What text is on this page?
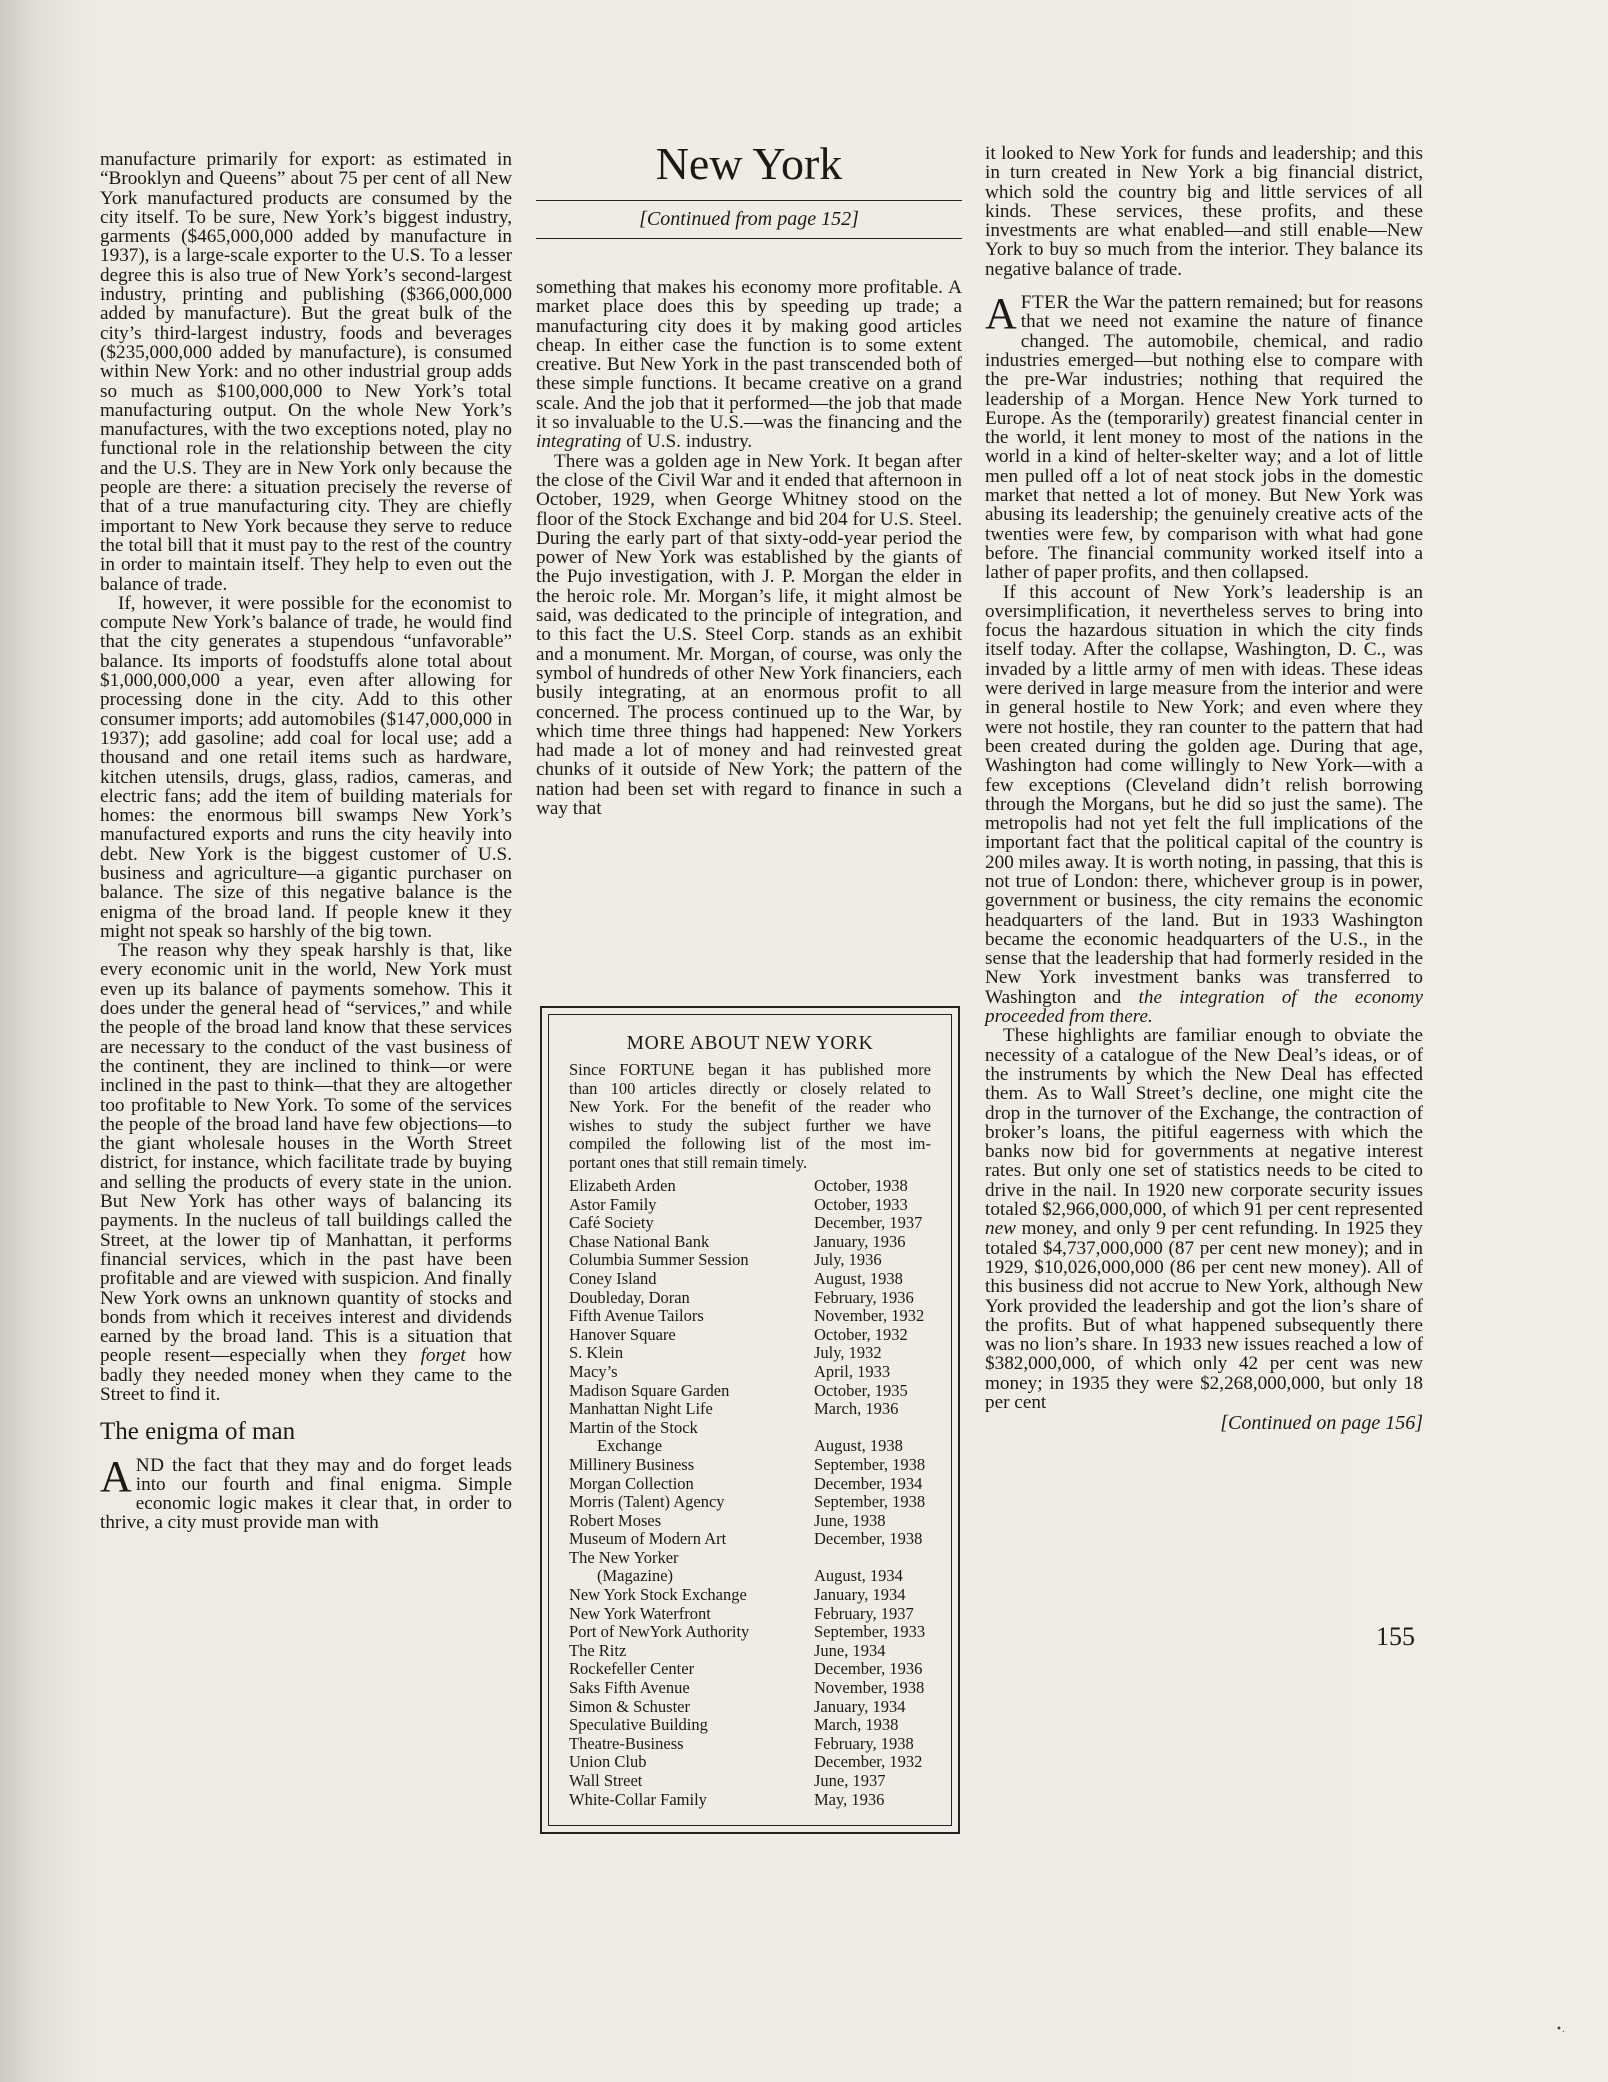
manufacture primarily for export: as estimated in “Brooklyn and Queens” about 75 per cent of all New York manufactured products are consumed by the city itself. To be sure, New York’s biggest industry, garments ($465,000,000 added by manufacture in 1937), is a large-scale exporter to the U.S. To a lesser degree this is also true of New York’s second-largest industry, printing and publishing ($366,000,000 added by manufacture). But the great bulk of the city’s third-largest industry, foods and beverages ($235,000,000 added by manufacture), is consumed within New York: and no other industrial group adds so much as $100,000,000 to New York’s total manufacturing output. On the whole New York’s manufactures, with the two exceptions noted, play no functional role in the relationship between the city and the U.S. They are in New York only because the people are there: a situation precisely the reverse of that of a true manufacturing city. They are chiefly important to New York because they serve to reduce the total bill that it must pay to the rest of the country in order to maintain itself. They help to even out the balance of trade.

If, however, it were possible for the economist to compute New York’s balance of trade, he would find that the city generates a stupendous “unfavorable” balance. Its imports of foodstuffs alone total about $1,000,000,000 a year, even after allowing for processing done in the city. Add to this other consumer imports; add automobiles ($147,000,000 in 1937); add gasoline; add coal for local use; add a thousand and one retail items such as hardware, kitchen utensils, drugs, glass, radios, cameras, and electric fans; add the item of building materials for homes: the enormous bill swamps New York’s manufactured exports and runs the city heavily into debt. New York is the biggest customer of U.S. business and agriculture—a gigantic purchaser on balance. The size of this negative balance is the enigma of the broad land. If people knew it they might not speak so harshly of the big town.

The reason why they speak harshly is that, like every economic unit in the world, New York must even up its balance of payments somehow. This it does under the general head of “services,” and while the people of the broad land know that these services are necessary to the conduct of the vast business of the continent, they are inclined to think—or were inclined in the past to think—that they are altogether too profitable to New York. To some of the services the people of the broad land have few objections—to the giant wholesale houses in the Worth Street district, for instance, which facilitate trade by buying and selling the products of every state in the union. But New York has other ways of balancing its payments. In the nucleus of tall buildings called the Street, at the lower tip of Manhattan, it performs financial services, which in the past have been profitable and are viewed with suspicion. And finally New York owns an unknown quantity of stocks and bonds from which it receives interest and dividends earned by the broad land. This is a situation that people resent—especially when they forget how badly they needed money when they came to the Street to find it.

The enigma of man

AND the fact that they may and do forget leads into our fourth and final enigma. Simple economic logic makes it clear that, in order to thrive, a city must provide man with

New York
[Continued from page 152]

something that makes his economy more profitable. A market place does this by speeding up trade; a manufacturing city does it by making good articles cheap. In either case the function is to some extent creative. But New York in the past transcended both of these simple functions. It became creative on a grand scale. And the job that it performed—the job that made it so invaluable to the U.S.—was the financing and the integrating of U.S. industry.

There was a golden age in New York. It began after the close of the Civil War and it ended that afternoon in October, 1929, when George Whitney stood on the floor of the Stock Exchange and bid 204 for U.S. Steel. During the early part of that sixty-odd-year period the power of New York was established by the giants of the Pujo investigation, with J. P. Morgan the elder in the heroic role. Mr. Morgan’s life, it might almost be said, was dedicated to the principle of integration, and to this fact the U.S. Steel Corp. stands as an exhibit and a monument. Mr. Morgan, of course, was only the symbol of hundreds of other New York financiers, each busily integrating, at an enormous profit to all concerned. The process continued up to the War, by which time three things had happened: New Yorkers had made a lot of money and had reinvested great chunks of it outside of New York; the pattern of the nation had been set with regard to finance in such a way that

MORE ABOUT NEW YORK
Since FORTUNE began it has published more
than 100 articles directly or closely related to
New York. For the benefit of the reader who
wishes to study the subject further we have
compiled the following list of the most im-
portant ones that still remain timely.
Elizabeth Arden	October, 1938
Astor Family	October, 1933
Café Society	December, 1937
Chase National Bank	January, 1936
Columbia Summer Session	July, 1936
Coney Island	August, 1938
Doubleday, Doran	February, 1936
Fifth Avenue Tailors	November, 1932
Hanover Square	October, 1932
S. Klein	July, 1932
Macy’s	April, 1933
Madison Square Garden	October, 1935
Manhattan Night Life	March, 1936
Martin of the Stock
Exchange	August, 1938
Millinery Business	September, 1938
Morgan Collection	December, 1934
Morris (Talent) Agency	September, 1938
Robert Moses	June, 1938
Museum of Modern Art	December, 1938
The New Yorker
(Magazine)	August, 1934
New York Stock Exchange	January, 1934
New York Waterfront	February, 1937
Port of NewYork Authority	September, 1933
The Ritz	June, 1934
Rockefeller Center	December, 1936
Saks Fifth Avenue	November, 1938
Simon & Schuster	January, 1934
Speculative Building	March, 1938
Theatre-Business	February, 1938
Union Club	December, 1932
Wall Street	June, 1937
White-Collar Family	May, 1936

it looked to New York for funds and leadership; and this in turn created in New York a big financial district, which sold the country big and little services of all kinds. These services, these profits, and these investments are what enabled—and still enable—New York to buy so much from the interior. They balance its negative balance of trade.

AFTER the War the pattern remained; but for reasons that we need not examine the nature of finance changed. The automobile, chemical, and radio industries emerged—but nothing else to compare with the pre-War industries; nothing that required the leadership of a Morgan. Hence New York turned to Europe. As the (temporarily) greatest financial center in the world, it lent money to most of the nations in the world in a kind of helter-skelter way; and a lot of little men pulled off a lot of neat stock jobs in the domestic market that netted a lot of money. But New York was abusing its leadership; the genuinely creative acts of the twenties were few, by comparison with what had gone before. The financial community worked itself into a lather of paper profits, and then collapsed.

If this account of New York’s leadership is an oversimplification, it nevertheless serves to bring into focus the hazardous situation in which the city finds itself today. After the collapse, Washington, D. C., was invaded by a little army of men with ideas. These ideas were derived in large measure from the interior and were in general hostile to New York; and even where they were not hostile, they ran counter to the pattern that had been created during the golden age. During that age, Washington had come willingly to New York—with a few exceptions (Cleveland didn’t relish borrowing through the Morgans, but he did so just the same). The metropolis had not yet felt the full implications of the important fact that the political capital of the country is 200 miles away. It is worth noting, in passing, that this is not true of London: there, whichever group is in power, government or business, the city remains the economic headquarters of the land. But in 1933 Washington became the economic headquarters of the U.S., in the sense that the leadership that had formerly resided in the New York investment banks was transferred to Washington and the integration of the economy proceeded from there.

These highlights are familiar enough to obviate the necessity of a catalogue of the New Deal’s ideas, or of the instruments by which the New Deal has effected them. As to Wall Street’s decline, one might cite the drop in the turnover of the Exchange, the contraction of broker’s loans, the pitiful eagerness with which the banks now bid for governments at negative interest rates. But only one set of statistics needs to be cited to drive in the nail. In 1920 new corporate security issues totaled $2,966,000,000, of which 91 per cent represented new money, and only 9 per cent refunding. In 1925 they totaled $4,737,000,000 (87 per cent new money); and in 1929, $10,026,000,000 (86 per cent new money). All of this business did not accrue to New York, although New York provided the leadership and got the lion’s share of the profits. But of what happened subsequently there was no lion’s share. In 1933 new issues reached a low of $382,000,000, of which only 42 per cent was new money; in 1935 they were $2,268,000,000, but only 18 per cent

[Continued on page 156]
155
•.
